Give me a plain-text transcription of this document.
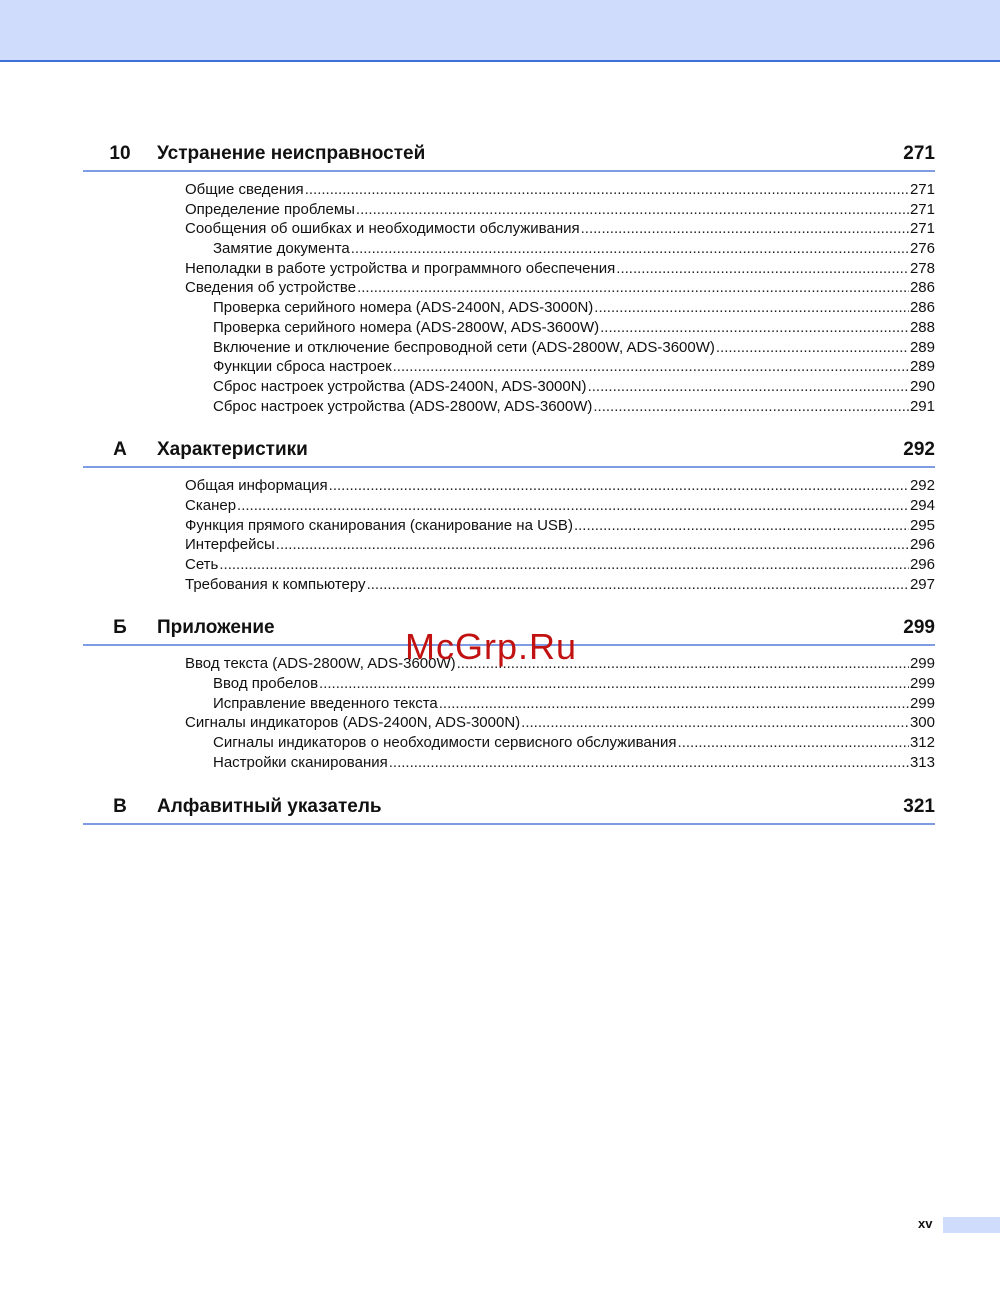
10	Устранение неисправностей	271
Общие сведения .....	271
Определение проблемы .....	271
Сообщения об ошибках и необходимости обслуживания .....	271
Замятие документа .....	276
Неполадки в работе устройства и программного обеспечения .....	278
Сведения об устройстве .....	286
Проверка серийного номера (ADS-2400N, ADS-3000N) .....	286
Проверка серийного номера (ADS-2800W, ADS-3600W) .....	288
Включение и отключение беспроводной сети (ADS-2800W, ADS-3600W) .....	289
Функции сброса настроек .....	289
Сброс настроек устройства (ADS-2400N, ADS-3000N) .....	290
Сброс настроек устройства (ADS-2800W, ADS-3600W) .....	291
A	Характеристики	292
Общая информация .....	292
Сканер .....	294
Функция прямого сканирования (сканирование на USB) .....	295
Интерфейсы .....	296
Сеть .....	296
Требования к компьютеру .....	297
Б	Приложение	299
Ввод текста (ADS-2800W, ADS-3600W) .....	299
Ввод пробелов .....	299
Исправление введенного текста .....	299
Сигналы индикаторов (ADS-2400N, ADS-3000N) .....	300
Сигналы индикаторов о необходимости сервисного обслуживания .....	312
Настройки сканирования .....	313
В	Алфавитный указатель	321
McGrp.Ru
xv
